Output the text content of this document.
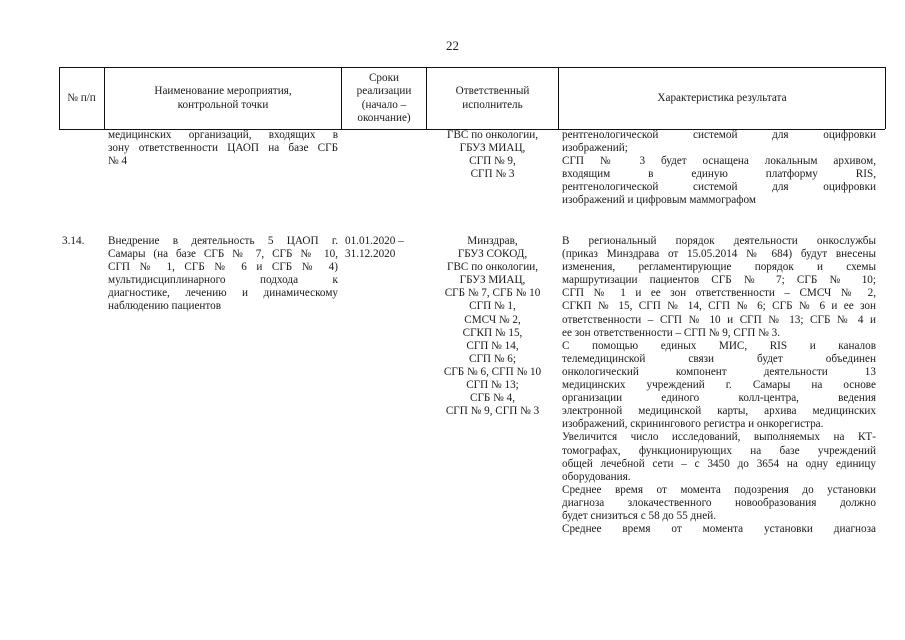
22
№ п/п
Наименование мероприятия,
контрольной точки
Сроки
реализации
(начало –
окончание)
Ответственный
исполнитель
Характеристика результата
медицинских организаций, входящих в
зону ответственности ЦАОП на базе СГБ
№ 4
ГВС по онкологии,
ГБУЗ МИАЦ,
СГП № 9,
СГП № 3
рентгенологической системой для оцифровки
изображений;
СГП № 3 будет оснащена локальным архивом,
входящим в единую платформу RIS,
рентгенологической системой для оцифровки
изображений и цифровым маммографом
3.14.	Внедрение в деятельность 5 ЦАОП г.
Самары (на базе СГБ № 7, СГБ № 10,
СГП № 1, СГБ № 6 и СГБ № 4)
мультидисциплинарного подхода к
диагностике, лечению и динамическому
наблюдению пациентов
01.01.2020 –
31.12.2020
Минздрав,
ГБУЗ СОКОД,
ГВС по онкологии,
ГБУЗ МИАЦ,
СГБ № 7, СГБ № 10
СГП № 1,
СМСЧ № 2,
СГКП № 15,
СГП № 14,
СГП № 6;
СГБ № 6, СГП № 10
СГП № 13;
СГБ № 4,
СГП № 9, СГП № 3
В региональный порядок деятельности онкослужбы
(приказ Минздрава от 15.05.2014 № 684) будут внесены
изменения, регламентирующие порядок и схемы
маршрутизации пациентов СГБ № 7; СГБ № 10;
СГП № 1 и ее зон ответственности – СМСЧ № 2,
СГКП № 15, СГП № 14, СГП № 6; СГБ № 6 и ее зон
ответственности – СГП № 10 и СГП № 13; СГБ № 4 и
ее зон ответственности – СГП № 9, СГП № 3.
С помощью единых МИС, RIS и каналов
телемедицинской связи будет объединен
онкологический компонент деятельности 13
медицинских учреждений г. Самары на основе
организации единого колл-центра, ведения
электронной медицинской карты, архива медицинских
изображений, скринингового регистра и онкорегистра.
Увеличится число исследований, выполняемых на КТ-
томографах, функционирующих на базе учреждений
общей лечебной сети – с 3450 до 3654 на одну единицу
оборудования.
Среднее время от момента подозрения до установки
диагноза злокачественного новообразования должно
будет снизиться с 58 до 55 дней.
Среднее время от момента установки диагноза
